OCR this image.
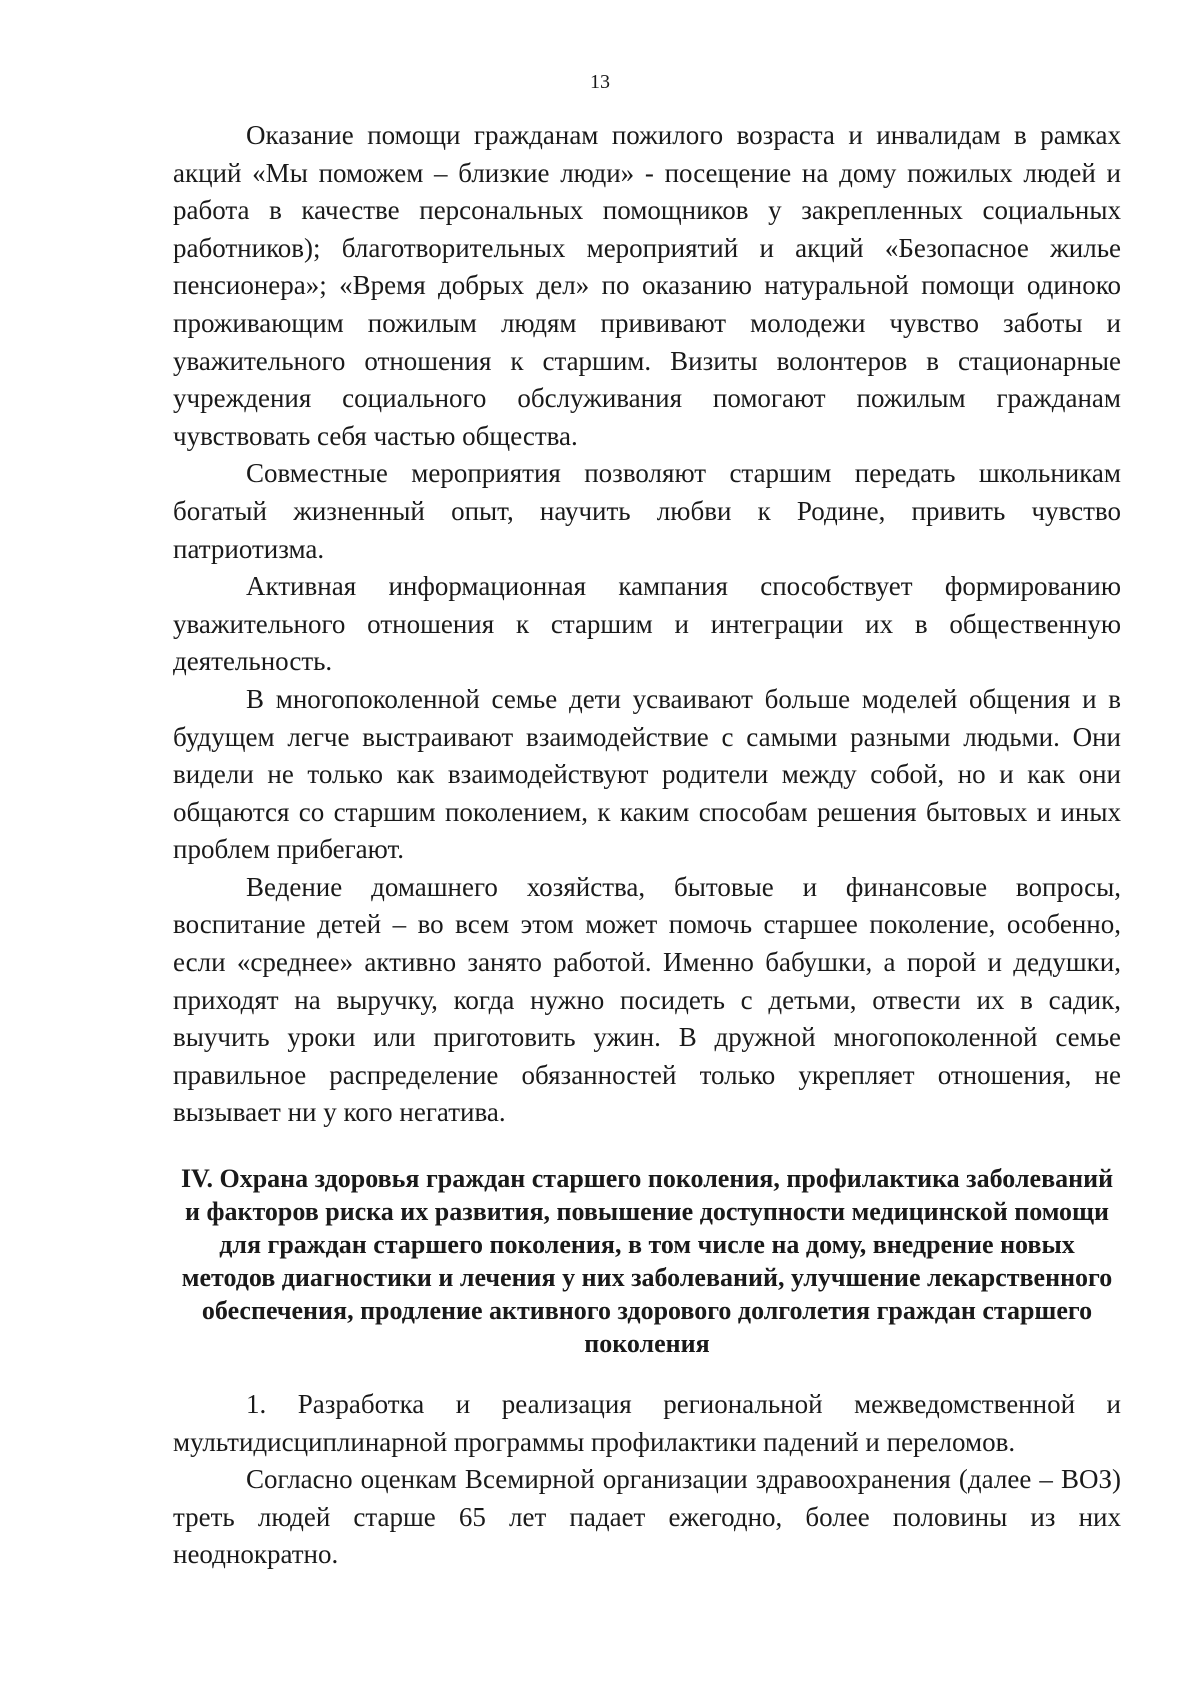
13

Оказание помощи гражданам пожилого возраста и инвалидам в рамках акций «Мы поможем – близкие люди» - посещение на дому пожилых людей и работа в качестве персональных помощников у закрепленных социальных работников); благотворительных мероприятий и акций «Безопасное жилье пенсионера»; «Время добрых дел» по оказанию натуральной помощи одиноко проживающим пожилым людям прививают молодежи чувство заботы и уважительного отношения к старшим. Визиты волонтеров в стационарные учреждения социального обслуживания помогают пожилым гражданам чувствовать себя частью общества.

Совместные мероприятия позволяют старшим передать школьникам богатый жизненный опыт, научить любви к Родине, привить чувство патриотизма.

Активная информационная кампания способствует формированию уважительного отношения к старшим и интеграции их в общественную деятельность.

В многопоколенной семье дети усваивают больше моделей общения и в будущем легче выстраивают взаимодействие с самыми разными людьми. Они видели не только как взаимодействуют родители между собой, но и как они общаются со старшим поколением, к каким способам решения бытовых и иных проблем прибегают.

Ведение домашнего хозяйства, бытовые и финансовые вопросы, воспитание детей – во всем этом может помочь старшее поколение, особенно, если «среднее» активно занято работой. Именно бабушки, а порой и дедушки, приходят на выручку, когда нужно посидеть с детьми, отвести их в садик, выучить уроки или приготовить ужин. В дружной многопоколенной семье правильное распределение обязанностей только укрепляет отношения, не вызывает ни у кого негатива.

IV. Охрана здоровья граждан старшего поколения, профилактика заболеваний и факторов риска их развития, повышение доступности медицинской помощи для граждан старшего поколения, в том числе на дому, внедрение новых методов диагностики и лечения у них заболеваний, улучшение лекарственного обеспечения, продление активного здорового долголетия граждан старшего поколения

1. Разработка и реализация региональной межведомственной и мультидисциплинарной программы профилактики падений и переломов.

Согласно оценкам Всемирной организации здравоохранения (далее – ВОЗ) треть людей старше 65 лет падает ежегодно, более половины из них неоднократно.
